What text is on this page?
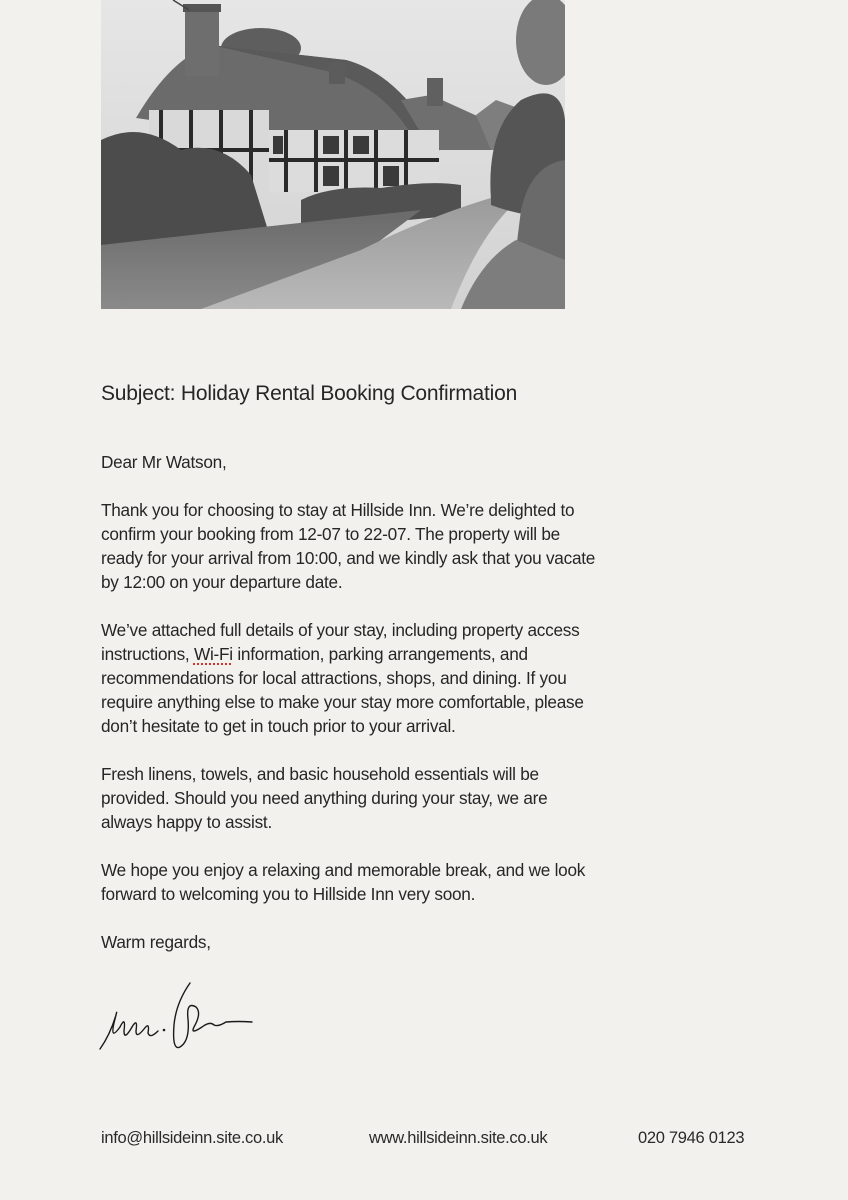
Subject: Holiday Rental Booking Confirmation

Dear Mr Watson,

Thank you for choosing to stay at Hillside Inn. We’re delighted to
confirm your booking from 12-07 to 22-07. The property will be
ready for your arrival from 10:00, and we kindly ask that you vacate
by 12:00 on your departure date.

We’ve attached full details of your stay, including property access
instructions, Wi-Fi information, parking arrangements, and
recommendations for local attractions, shops, and dining. If you
require anything else to make your stay more comfortable, please
don’t hesitate to get in touch prior to your arrival.

Fresh linens, towels, and basic household essentials will be
provided. Should you need anything during your stay, we are
always happy to assist.

We hope you enjoy a relaxing and memorable break, and we look
forward to welcoming you to Hillside Inn very soon.

Warm regards,

info@hillsideinn.site.co.uk	www.hillsideinn.site.co.uk	020 7946 0123
